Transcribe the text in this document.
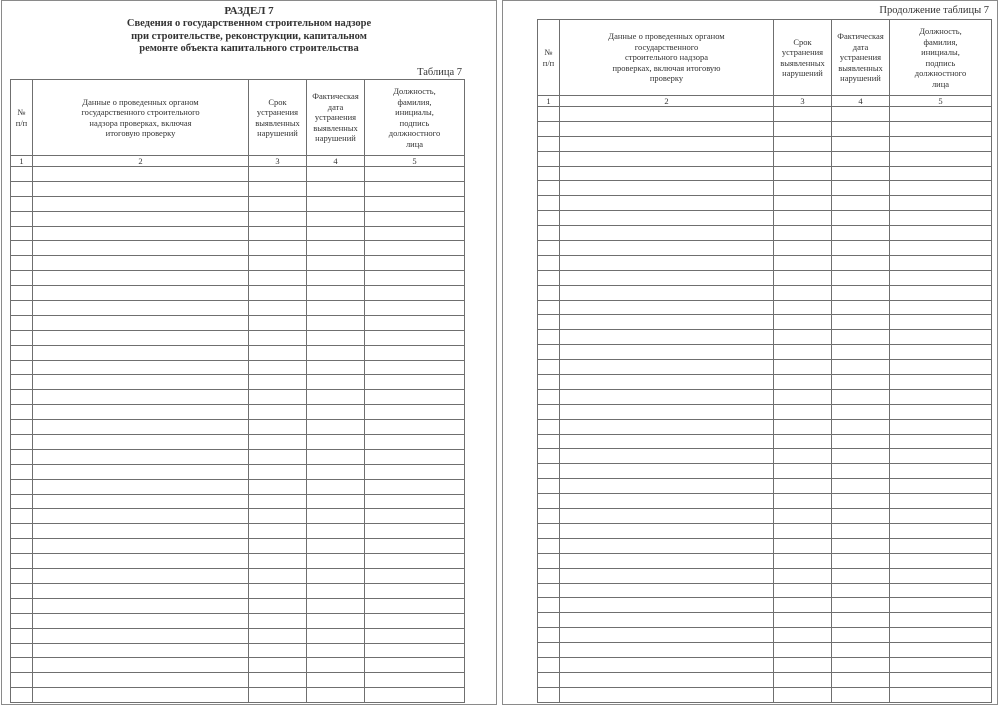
РАЗДЕЛ 7
Сведения о государственном строительном надзоре
при строительстве, реконструкции, капитальном
ремонте объекта капитального строительства
Таблица 7
№ п/п	Данные о проведенных органом государственного строительного надзора проверках, включая итоговую проверку	Срок устранения выявленных нарушений	Фактическая дата устранения выявленных нарушений	Должность, фамилия, инициалы, подпись должностного лица
1	2	3	4	5

Продолжение таблицы 7
№ п/п	Данные о проведенных органом государственного строительного надзора проверках, включая итоговую проверку	Срок устранения выявленных нарушений	Фактическая дата устранения выявленных нарушений	Должность, фамилия, инициалы, подпись должностного лица
1	2	3	4	5
